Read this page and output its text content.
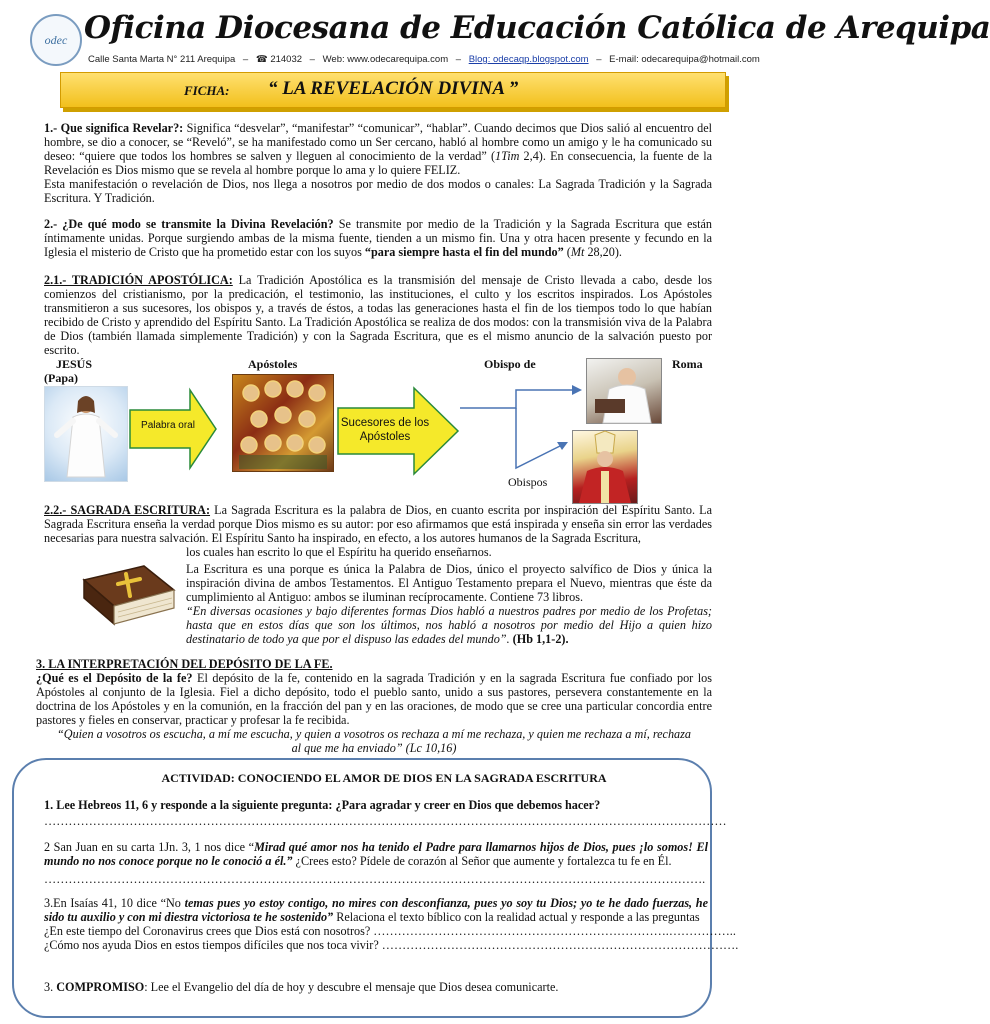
odec Oficina Diocesana de Educación Católica de Arequipa
Calle Santa Marta N° 211 Arequipa – ☎ 214032 – Web: www.odecarequipa.com – Blog: odecaqp.blogspot.com – E-mail: odecarequipa@hotmail.com
FICHA: “ LA REVELACIÓN DIVINA ”

1.- Que significa Revelar?: Significa “desvelar”, “manifestar” “comunicar”, “hablar”. Cuando decimos que Dios salió al encuentro del hombre, se dio a conocer, se “Reveló”, se ha manifestado como un Ser cercano, habló al hombre como un amigo y le ha comunicado su deseo: “quiere que todos los hombres se salven y lleguen al conocimiento de la verdad” (1Tim 2,4). En consecuencia, la fuente de la Revelación es Dios mismo que se revela al hombre porque lo ama y lo quiere FELIZ.

Esta manifestación o revelación de Dios, nos llega a nosotros por medio de dos modos o canales: La Sagrada Tradición y la Sagrada Escritura. Y Tradición.

2.- ¿De qué modo se transmite la Divina Revelación? Se transmite por medio de la Tradición y la Sagrada Escritura que están íntimamente unidas. Porque surgiendo ambas de la misma fuente, tienden a un mismo fin. Una y otra hacen presente y fecundo en la Iglesia el misterio de Cristo que ha prometido estar con los suyos “para siempre hasta el fin del mundo” (Mt 28,20).

2.1.- TRADICIÓN APOSTÓLICA: La Tradición Apostólica es la transmisión del mensaje de Cristo llevada a cabo, desde los comienzos del cristianismo, por la predicación, el testimonio, las instituciones, el culto y los escritos inspirados. Los Apóstoles transmitieron a sus sucesores, los obispos y, a través de éstos, a todas las generaciones hasta el fin de los tiempos todo lo que habían recibido de Cristo y aprendido del Espíritu Santo. La Tradición Apostólica se realiza de dos modos: con la transmisión viva de la Palabra de Dios (también llamada simplemente Tradición) y con la Sagrada Escritura, que es el mismo anuncio de la salvación puesto por escrito.

JESÚS
(Papa)
Apóstoles	Obispo de	Roma
Palabra oral	Sucesores de los Apóstoles
Obispos

2.2.- SAGRADA ESCRITURA: La Sagrada Escritura es la palabra de Dios, en cuanto escrita por inspiración del Espíritu Santo. La Sagrada Escritura enseña la verdad porque Dios mismo es su autor: por eso afirmamos que está inspirada y enseña sin error las verdades necesarias para nuestra salvación. El Espíritu Santo ha inspirado, en efecto, a los autores humanos de la Sagrada Escritura,

los cuales han escrito lo que el Espíritu ha querido enseñarnos.

La Escritura es una porque es única la Palabra de Dios, único el proyecto salvífico de Dios y única la inspiración divina de ambos Testamentos. El Antiguo Testamento prepara el Nuevo, mientras que éste da cumplimiento al Antiguo: ambos se iluminan recíprocamente. Contiene 73 libros.

“En diversas ocasiones y bajo diferentes formas Dios habló a nuestros padres por medio de los Profetas; hasta que en estos días que son los últimos, nos habló a nosotros por medio del Hijo a quien hizo destinatario de todo ya que por el dispuso las edades del mundo”. (Hb 1,1-2).

3. LA INTERPRETACIÓN DEL DEPÓSITO DE LA FE.

¿Qué es el Depósito de la fe? El depósito de la fe, contenido en la sagrada Tradición y en la sagrada Escritura fue confiado por los Apóstoles al conjunto de la Iglesia. Fiel a dicho depósito, todo el pueblo santo, unido a sus pastores, persevera constantemente en la doctrina de los Apóstoles y en la comunión, en la fracción del pan y en las oraciones, de modo que se cree una particular concordia entre pastores y fieles en conservar, practicar y profesar la fe recibida.

“Quien a vosotros os escucha, a mí me escucha, y quien a vosotros os rechaza a mí me rechaza, y quien me rechaza a mí, rechaza

al que me ha enviado” (Lc 10,16)

ACTIVIDAD: CONOCIENDO EL AMOR DE DIOS EN LA SAGRADA ESCRITURA

1. Lee Hebreos 11, 6 y responde a la siguiente pregunta: ¿Para agradar y creer en Dios que debemos hacer?

……………………………………………………………………………………………………………………………………………………

2 San Juan en su carta 1Jn. 3, 1 nos dice “Mirad qué amor nos ha tenido el Padre para llamarnos hijos de Dios, pues ¡lo somos! El mundo no nos conoce porque no le conoció a él.” ¿Crees esto? Pídele de corazón al Señor que aumente y fortalezca tu fe en Él.

……………………………………………………………………………………………………………………………………………….

3.En Isaías 41, 10 dice “No temas pues yo estoy contigo, no mires con desconfianza, pues yo soy tu Dios; yo te he dado fuerzas, he sido tu auxilio y con mi diestra victoriosa te he sostenido” Relaciona el texto bíblico con la realidad actual y responde a las preguntas

¿En este tiempo del Coronavirus crees que Dios está con nosotros? ……………………………………………………………….……………..

¿Cómo nos ayuda Dios en estos tiempos difíciles que nos toca vivir? …………………………………………………………………………….

3. COMPROMISO: Lee el Evangelio del día de hoy y descubre el mensaje que Dios desea comunicarte.
